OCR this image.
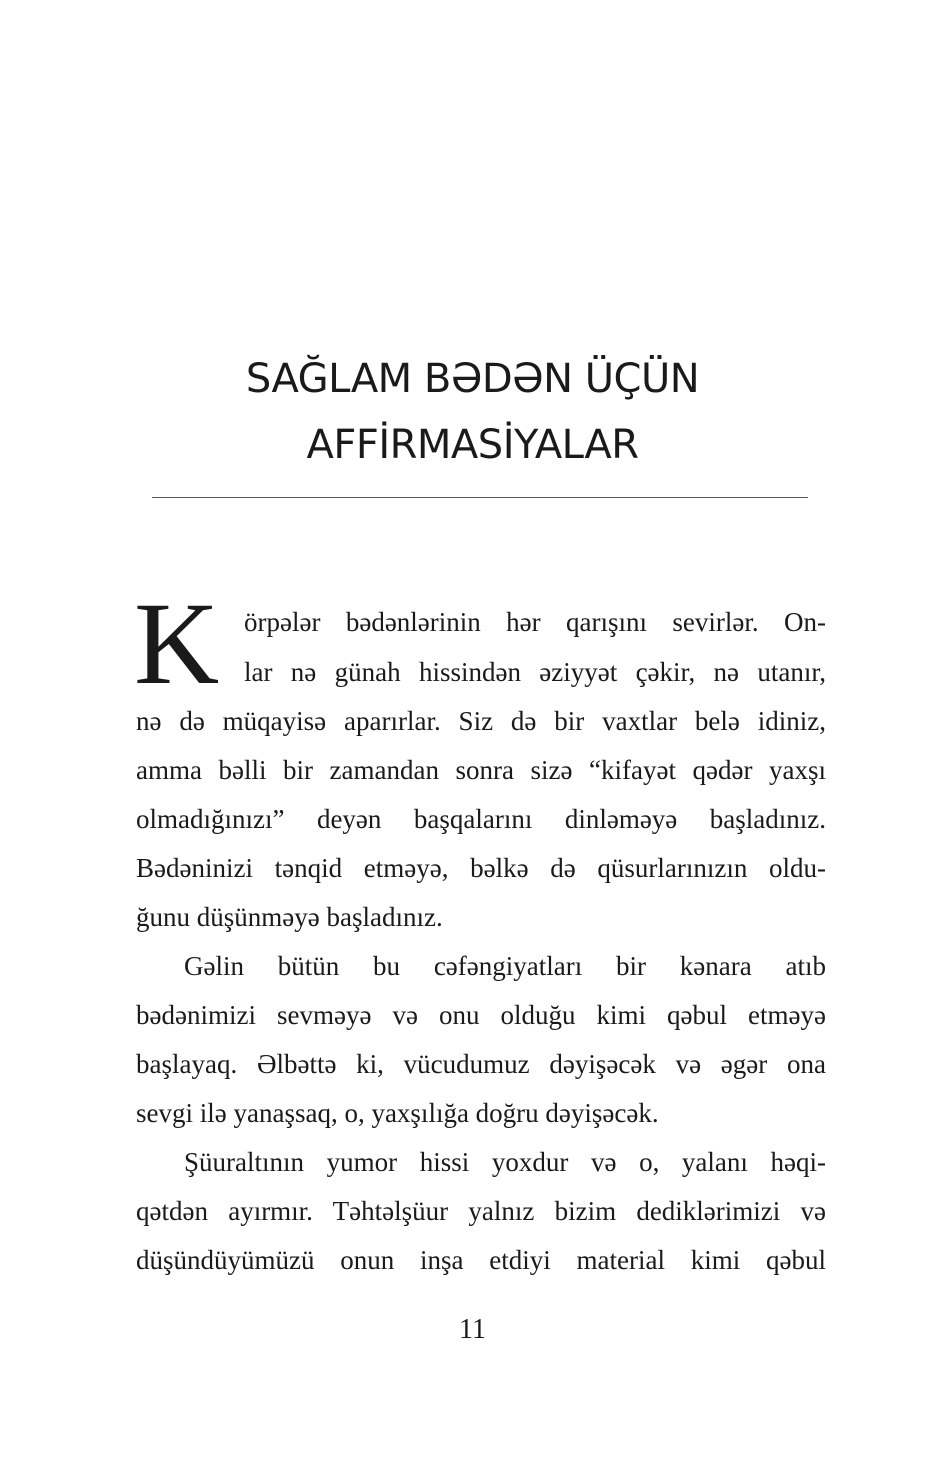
SAĞLAM BƏDƏN ÜÇÜN
AFFİRMASİYALAR
K örpələr bədənlərinin hər qarışını sevirlər. On-
lar nə günah hissindən əziyyət çəkir, nə utanır,
nə də müqayisə aparırlar. Siz də bir vaxtlar belə idiniz,
amma bəlli bir zamandan sonra sizə “kifayət qədər yaxşı
olmadığınızı” deyən başqalarını dinləməyə başladınız.
Bədəninizi tənqid etməyə, bəlkə də qüsurlarınızın oldu-
ğunu düşünməyə başladınız.
Gəlin bütün bu cəfəngiyatları bir kənara atıb
bədənimizi sevməyə və onu olduğu kimi qəbul etməyə
başlayaq. Əlbəttə ki, vücudumuz dəyişəcək və əgər ona
sevgi ilə yanaşsaq, o, yaxşılığa doğru dəyişəcək.
Şüuraltının yumor hissi yoxdur və o, yalanı həqi-
qətdən ayırmır. Təhtəlşüur yalnız bizim dediklərimizi və
düşündüyümüzü onun inşa etdiyi material kimi qəbul
11
